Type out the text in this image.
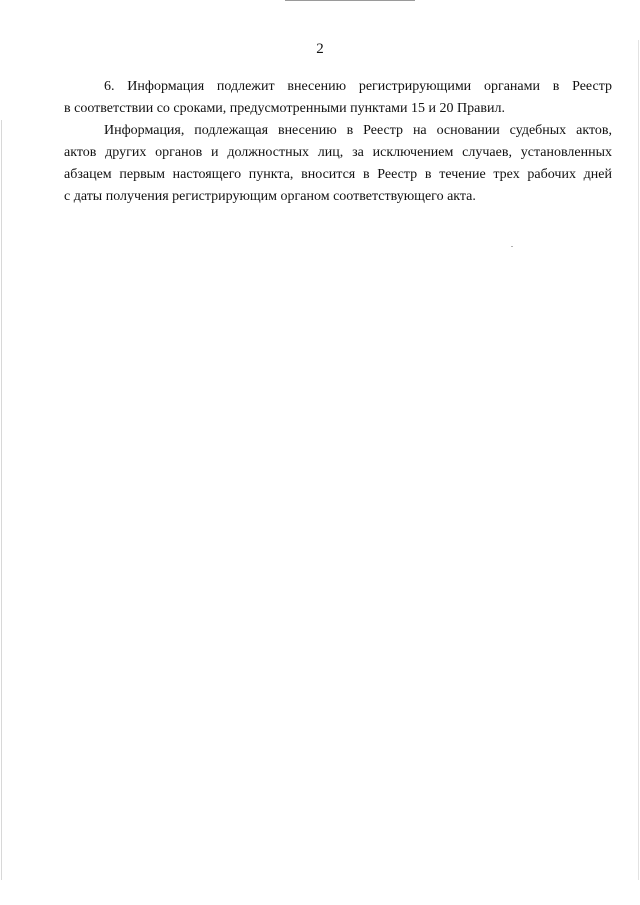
2
6. Информация подлежит внесению регистрирующими органами в Реестр
в соответствии со сроками, предусмотренными пунктами 15 и 20 Правил.
Информация, подлежащая внесению в Реестр на основании судебных актов,
актов других органов и должностных лиц, за исключением случаев, установленных
абзацем первым настоящего пункта, вносится в Реестр в течение трех рабочих дней
с даты получения регистрирующим органом соответствующего акта.
